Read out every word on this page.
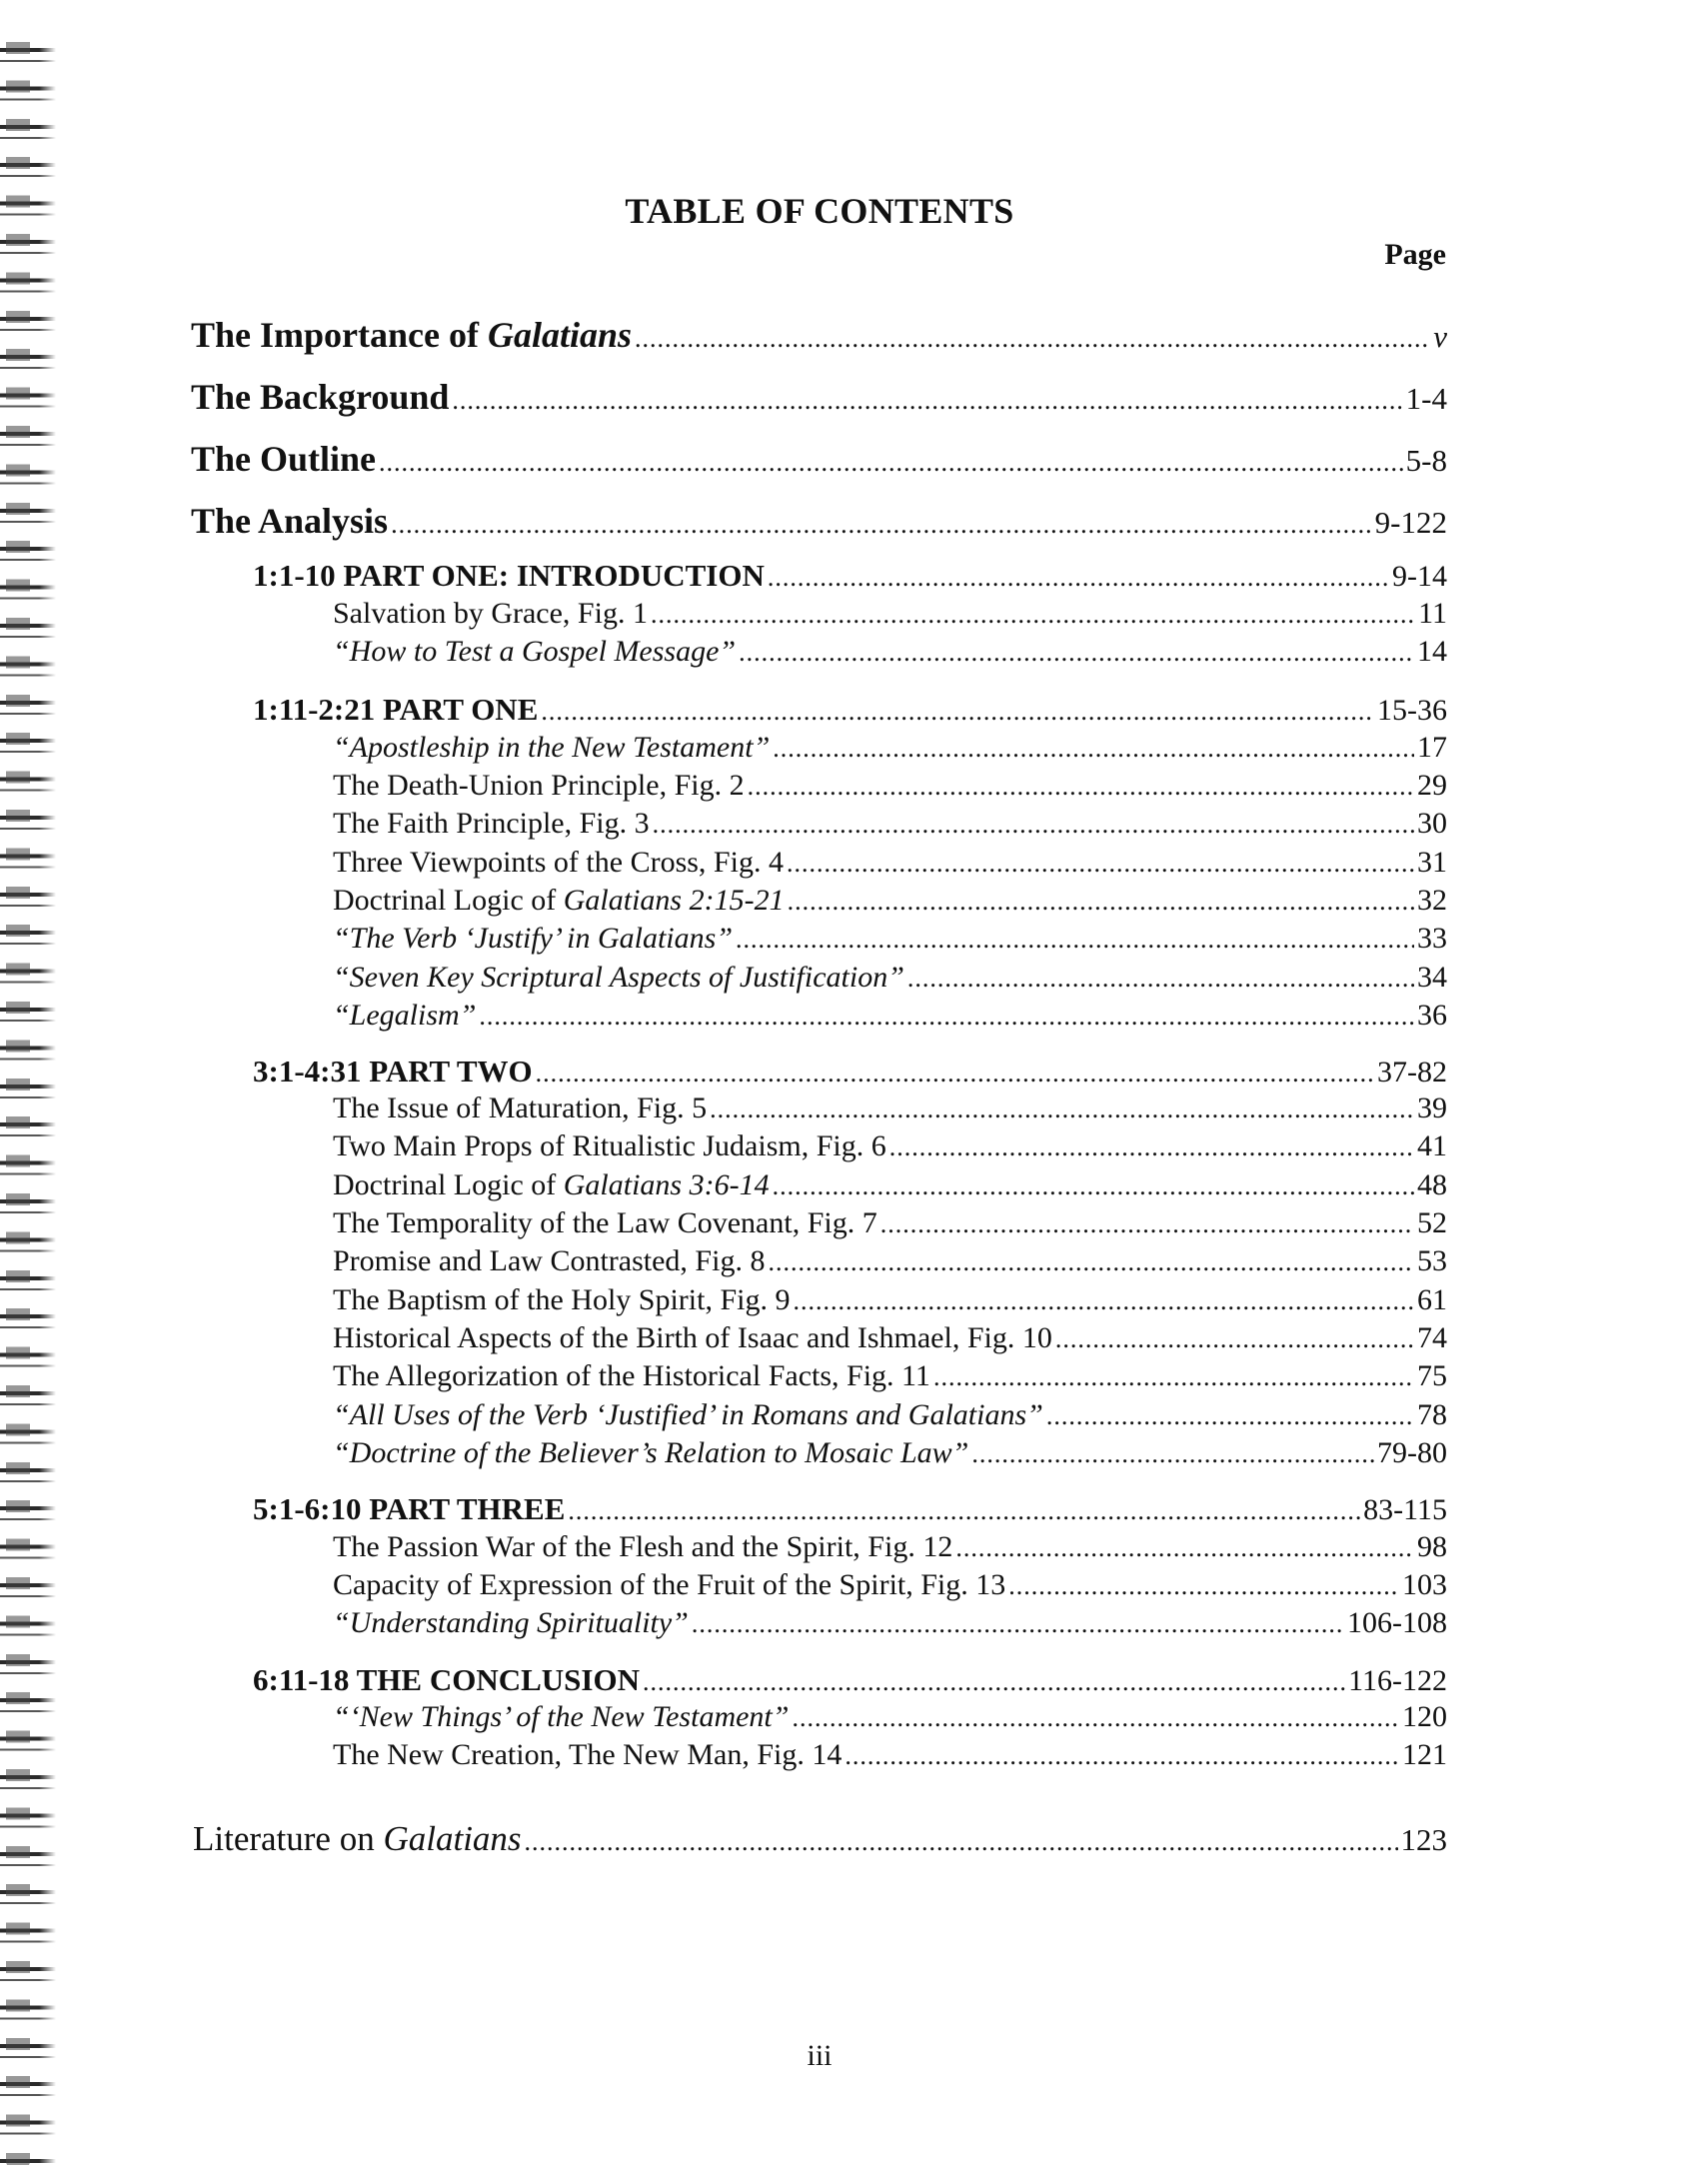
TABLE OF CONTENTS
Page
The Importance of Galatians .....	v
The Background .....	1-4
The Outline .....	5-8
The Analysis .....	9-122
1:1-10 PART ONE: INTRODUCTION .....	9-14
Salvation by Grace, Fig. 1 .....	11
“How to Test a Gospel Message” .....	14
1:11-2:21 PART ONE .....	15-36
“Apostleship in the New Testament” .....	17
The Death-Union Principle, Fig. 2 .....	29
The Faith Principle, Fig. 3 .....	30
Three Viewpoints of the Cross, Fig. 4 .....	31
Doctrinal Logic of Galatians 2:15-21 .....	32
“The Verb ‘Justify’ in Galatians” .....	33
“Seven Key Scriptural Aspects of Justification” .....	34
“Legalism” .....	36
3:1-4:31 PART TWO .....	37-82
The Issue of Maturation, Fig. 5 .....	39
Two Main Props of Ritualistic Judaism, Fig. 6 .....	41
Doctrinal Logic of Galatians 3:6-14 .....	48
The Temporality of the Law Covenant, Fig. 7 .....	52
Promise and Law Contrasted, Fig. 8 .....	53
The Baptism of the Holy Spirit, Fig. 9 .....	61
Historical Aspects of the Birth of Isaac and Ishmael, Fig. 10 .....	74
The Allegorization of the Historical Facts, Fig. 11 .....	75
“All Uses of the Verb ‘Justified’ in Romans and Galatians” .....	78
“Doctrine of the Believer’s Relation to Mosaic Law” .....	79-80
5:1-6:10 PART THREE .....	83-115
The Passion War of the Flesh and the Spirit, Fig. 12 .....	98
Capacity of Expression of the Fruit of the Spirit, Fig. 13 .....	103
“Understanding Spirituality” .....	106-108
6:11-18 THE CONCLUSION .....	116-122
“‘New Things’ of the New Testament” .....	120
The New Creation, The New Man, Fig. 14 .....	121
Literature on Galatians .....	123
iii
